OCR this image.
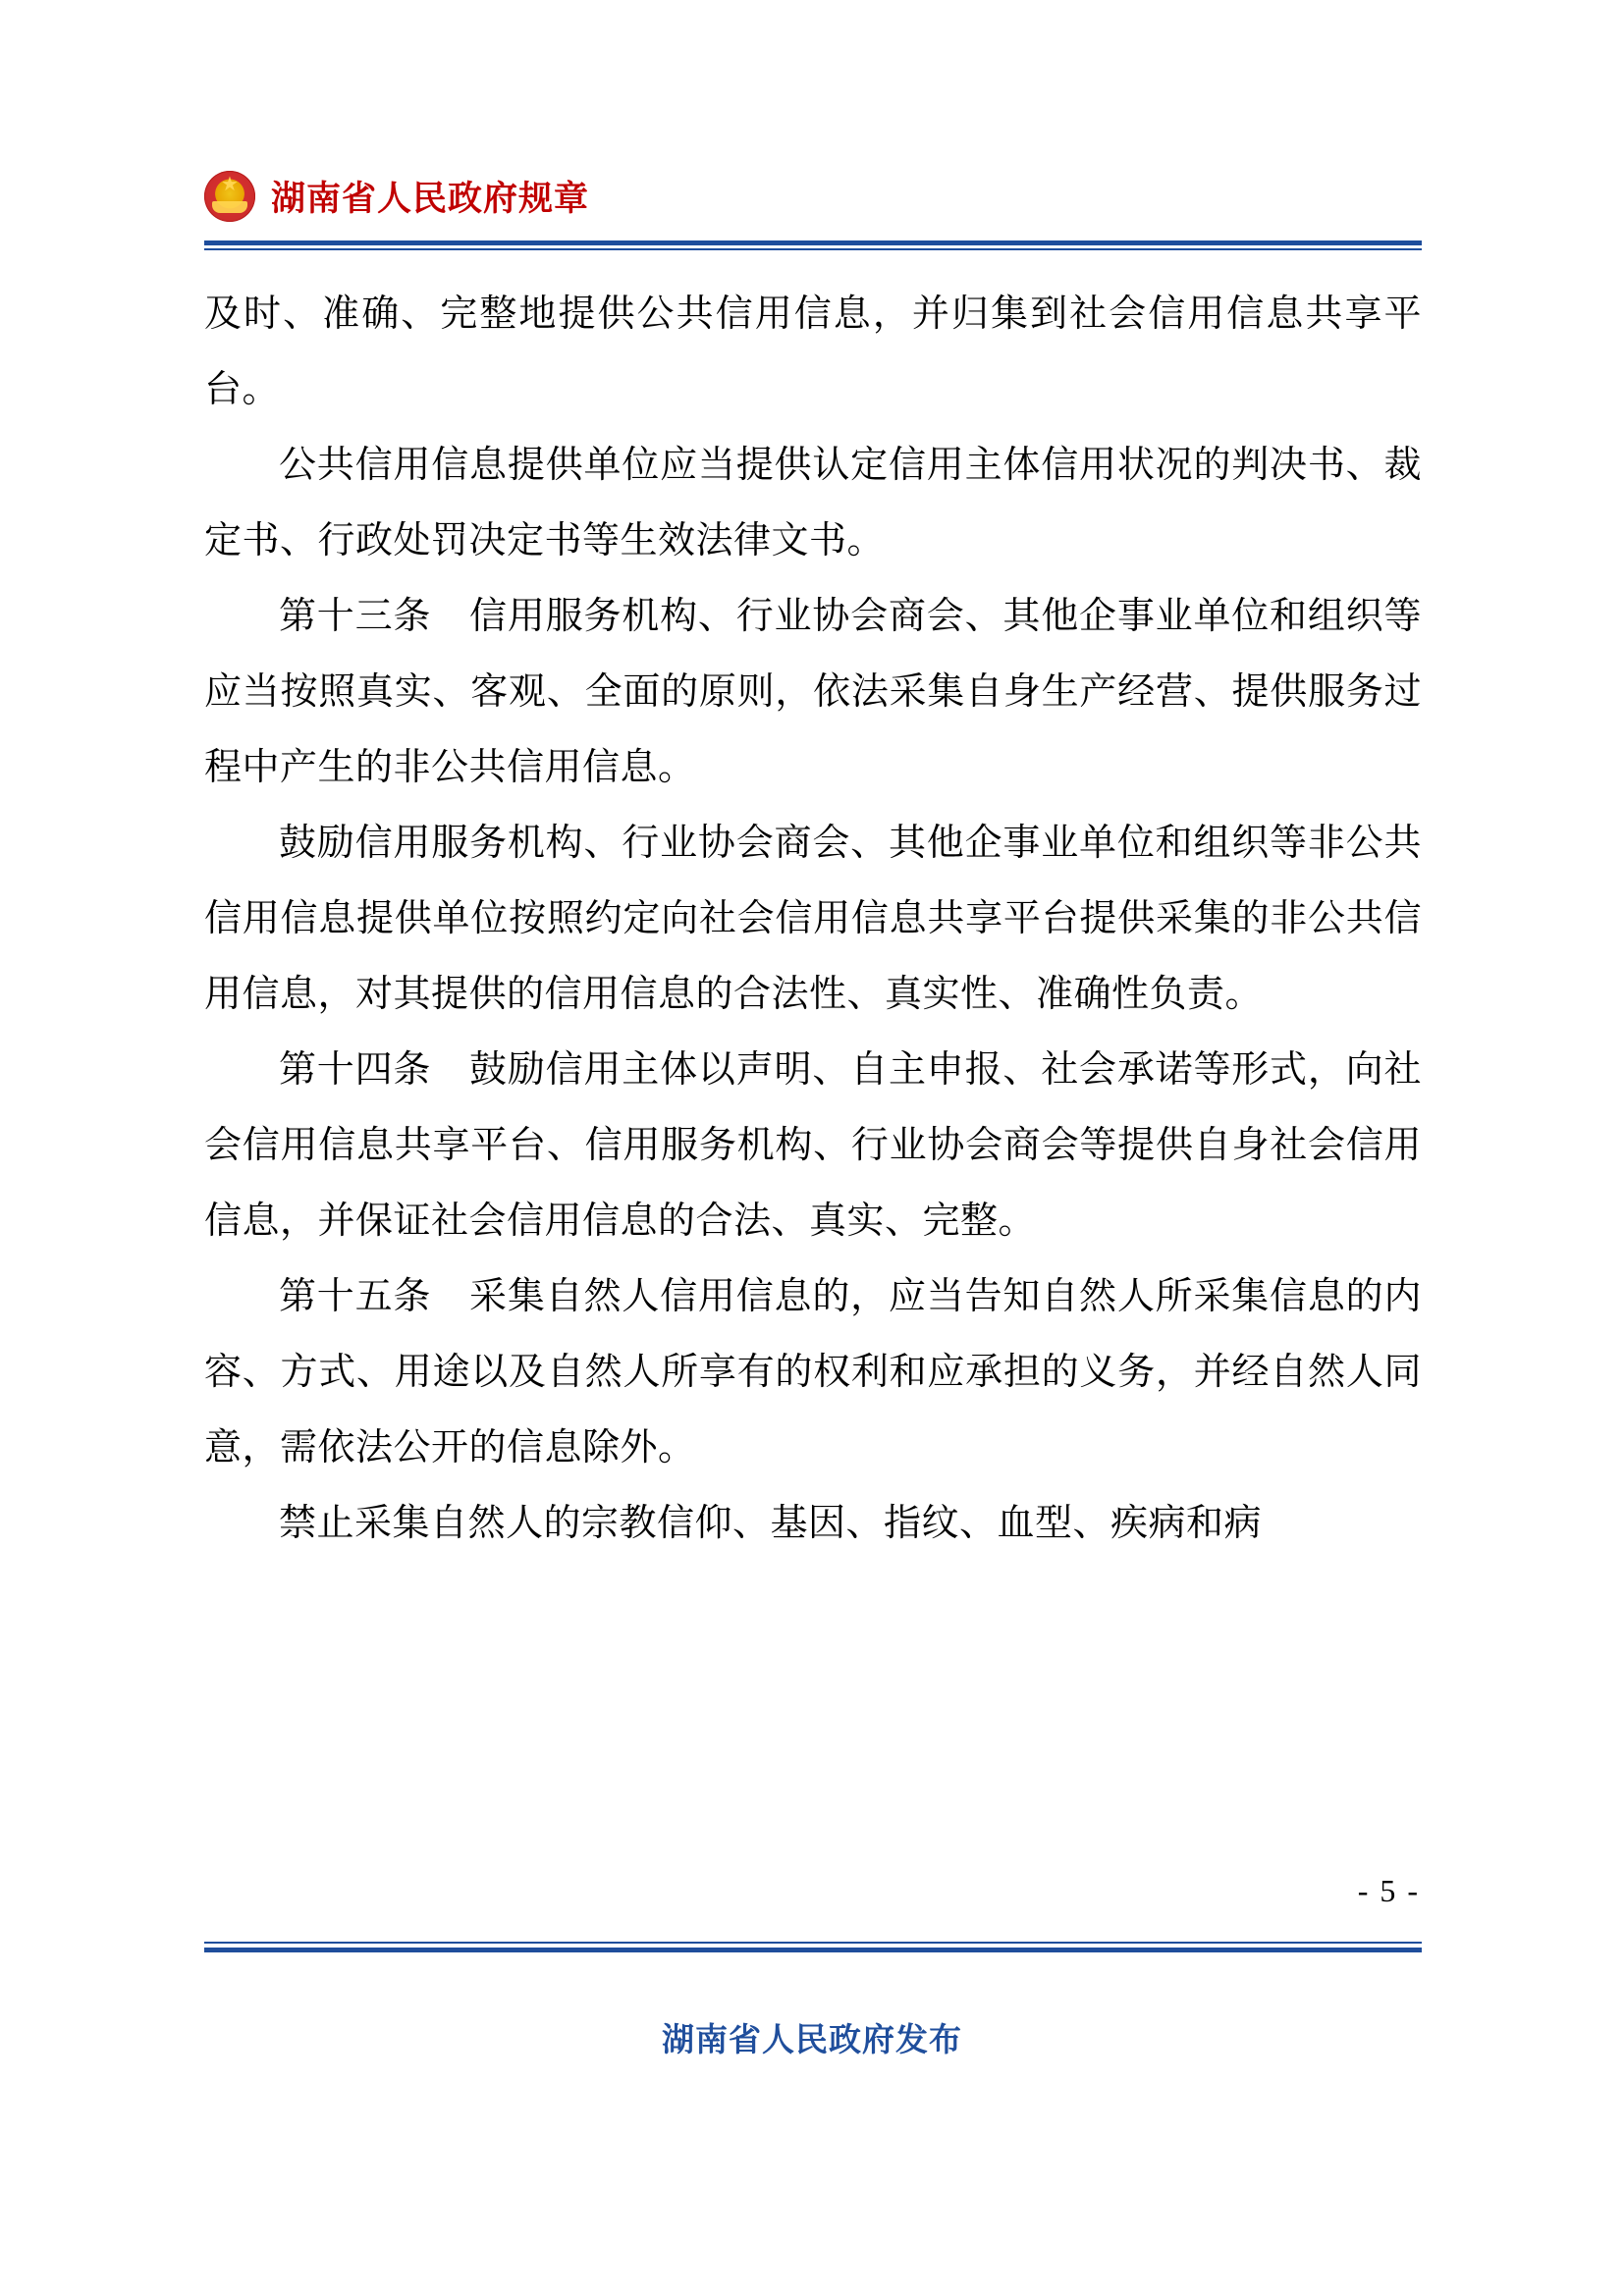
★
湖南省人民政府规章

及时、准确、完整地提供公共信用信息，并归集到社会信用信息共享平台。

公共信用信息提供单位应当提供认定信用主体信用状况的判决书、裁定书、行政处罚决定书等生效法律文书。

第十三条　信用服务机构、行业协会商会、其他企事业单位和组织等应当按照真实、客观、全面的原则，依法采集自身生产经营、提供服务过程中产生的非公共信用信息。

鼓励信用服务机构、行业协会商会、其他企事业单位和组织等非公共信用信息提供单位按照约定向社会信用信息共享平台提供采集的非公共信用信息，对其提供的信用信息的合法性、真实性、准确性负责。

第十四条　鼓励信用主体以声明、自主申报、社会承诺等形式，向社会信用信息共享平台、信用服务机构、行业协会商会等提供自身社会信用信息，并保证社会信用信息的合法、真实、完整。

第十五条　采集自然人信用信息的，应当告知自然人所采集信息的内容、方式、用途以及自然人所享有的权利和应承担的义务，并经自然人同意，需依法公开的信息除外。

禁止采集自然人的宗教信仰、基因、指纹、血型、疾病和病

- 5 -
湖南省人民政府发布
